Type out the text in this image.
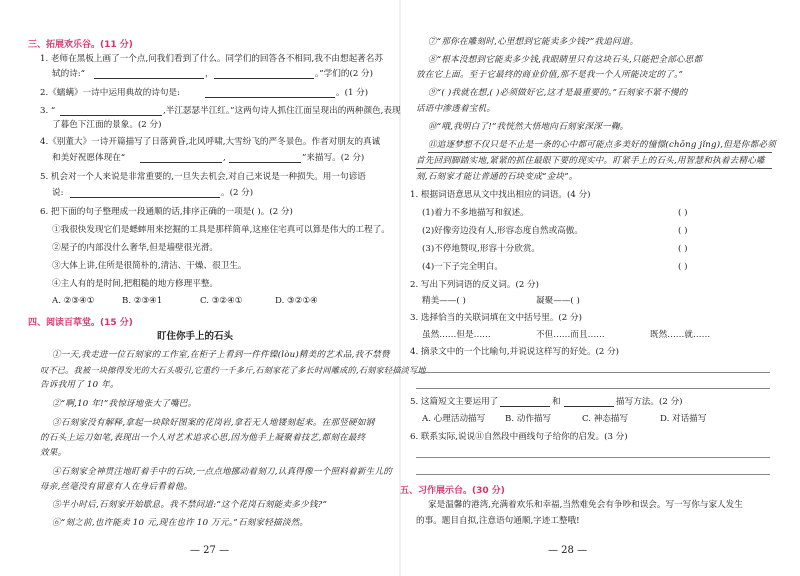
三、拓展欢乐谷。(11 分)
1. 老师在黑板上画了一个点,问我们看到了什么。同学们的回答各不相同,我不由想起著名苏
轼的诗:“	，	。”学们的(2 分)
2.《蠕螨》一诗中运用典故的诗句是:	。(1 分)
3. “	,半江瑟瑟半江红。”这两句诗人抓住江面呈现出的两种颜色,表现
了暮色下江面的景象。(2 分)
4.《别董大》一诗开篇描写了日落黄昏,北风呼啸,大雪纷飞的严冬景色。作者对朋友的真诚
和美好祝愿体现在“	,	”来描写。(2 分)
5. 机会对一个人来说是非常重要的,一旦失去机会,对自己来说是一种损失。用一句谚语
说:	。(2 分)
6. 把下面的句子整理成一段通顺的话,排序正确的一项是( )。(2 分)
①我很快发现它们是蟋蟀用来挖掘的工具是那样简单,这座住宅真可以算是伟大的工程了。
②屋子的内部没什么奢华,但是墙壁很光滑。
③大体上讲,住所是很简朴的,清洁、干燥、很卫生。
④主人有的是时间,把粗糙的地方修理平整。
A. ②③④①	B. ②③④1	C. ③②④①	D. ③②①④
四、阅读百草堂。(15 分)
盯住你手上的石头
①一天,我走进一位石刻家的工作室,在柜子上看到一件件镍(lòu)精美的艺术品,我不禁赞
叹不已。我被一块擦得发光的大石头吸引,它重约一千多斤,石刻家花了多长时间雕成的,石刻家轻描淡写地
告诉我用了 10 年。
②“啊,10 年!”我惊讶地张大了嘴巴。
③石刻家没有解释,拿起一块除好图案的花岗岩,拿若无人地镂刻起来。在那竖硬如钢
的石头上运刀如笔,表现出一个人对艺术追求心思,因为他手上凝聚着技艺,都刻在最终
效果。
④石刻家全神贯注地盯着手中的石块,一点点地挪动着刻刀,认真得像一个照料着新生儿的
母亲,丝毫没有留意有人在身后看着他。
⑤半小时后,石刻家开始歇息。我不禁问道:“这个花岗石刻能卖多少钱?”
⑥“刻之前,也许能卖 10 元,现在也许 10 万元。”石刻家轻描淡然。
— 27 —
⑦“那你在雕刻时,心里想到它能卖多少钱?”我追问道。
⑧“根本没想到它能卖多少钱,我眼睛里只有这块石头,只能把全部心思都
放在它上面。至于它最终的商业价值,那不是我一个人所能决定的了。”
⑨“( )我就在想,( )必须做好它,这才是最重要的。”石刻家不紧不慢的
话语中渗透着宝机。
⑩“哦,我明白了!”我恍然大悟地向石刻家深深一鞠。
⑪追逐梦想不仅只是不止是一条的心中都可能点多美好的憧憬(chōng jǐng),但是你都必须
首先回到脚踏实地,紧紧的抓住最眼下要的现实中。盯紧手上的石头,用智慧和执着去精心雕
刻,石刻家才能让普通的石块变成“金块”。
1. 根据词语意思从文中找出相应的词语。(4 分)
(1)着力不多地描写和叙述。	( )
(2)好像旁边没有人,形容态度自然或高傲。	( )
(3)不停地赞叹,形容十分欣赏。	( )
(4)一下子完全明白。	( )
2. 写出下列词语的反义词。(2 分)
精美——( )	凝聚——( )
3. 选择恰当的关联词填在文中括号里。(2 分)
虽然……但是……	不但……而且……	既然……就……
4. 摘录文中的一个比喻句,并说说这样写的好处。(2 分)
5. 这篇短文主要运用了	和	描写方法。(2 分)
A. 心理活动描写 B. 动作描写	C. 神态描写	D. 对话描写
6. 联系实际,说说⑪自然段中画线句子给你的启发。(3 分)
五、习作展示台。(30 分)
家是温馨的港湾,充满着欢乐和幸福,当然难免会有争吵和误会。写一写你与家人发生
的事。题目自拟,注意语句通顺,字迹工整哦!
— 28 —
